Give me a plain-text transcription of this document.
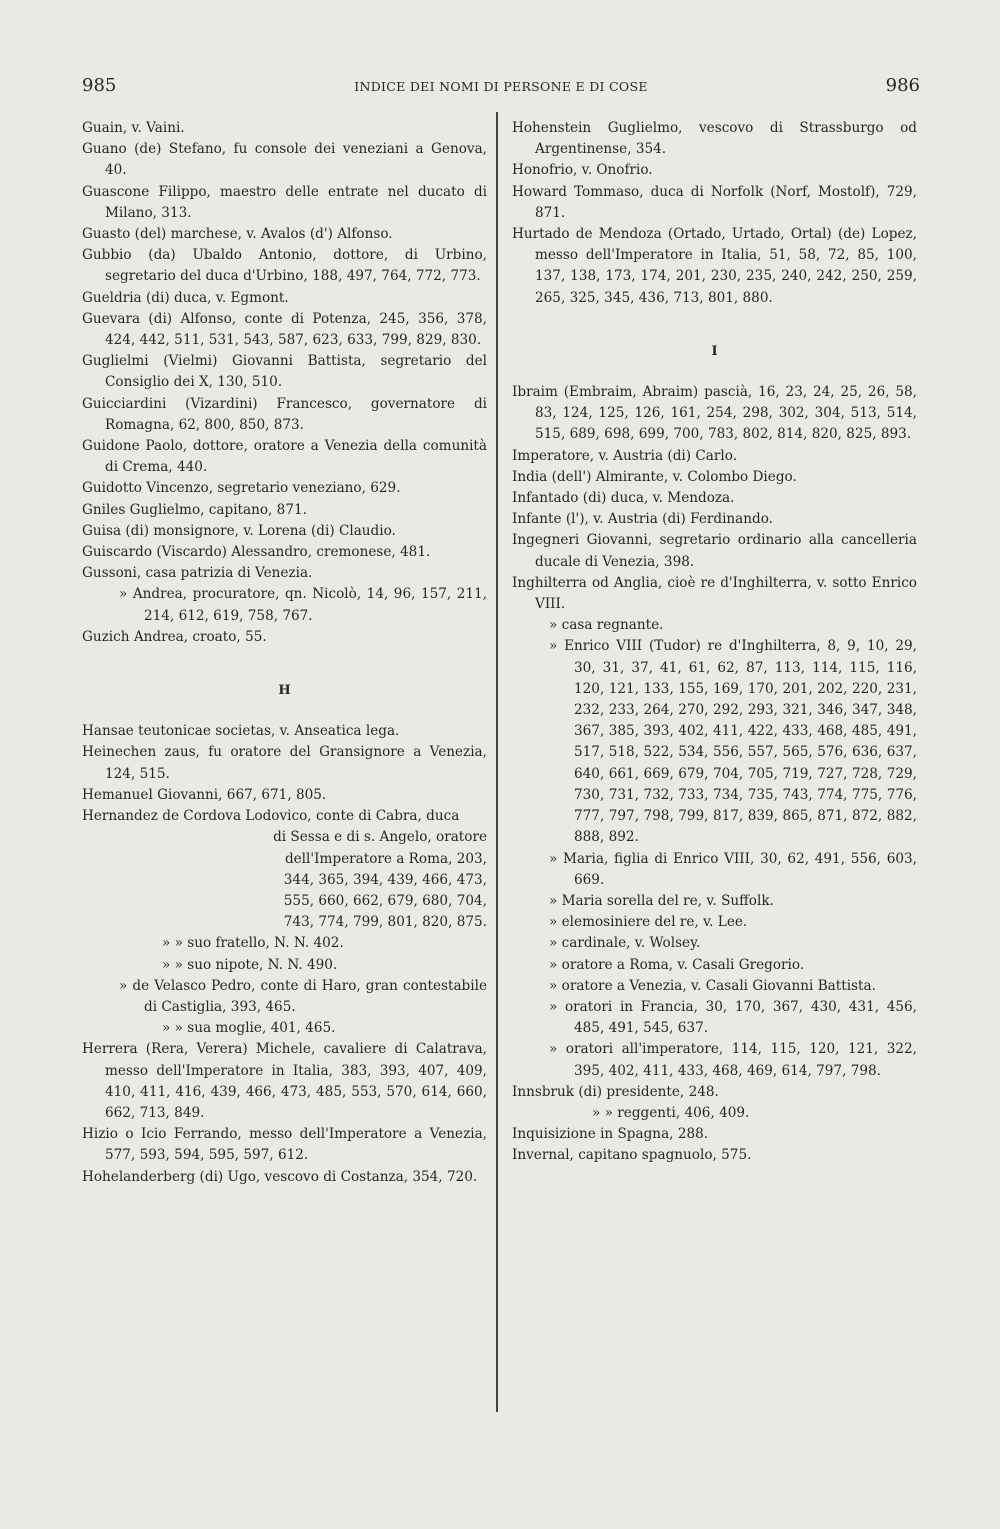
985	INDICE DEI NOMI DI PERSONE E DI COSE	986

Guain, v. Vaini.

Guano (de) Stefano, fu console dei veneziani a Genova, 40.

Guascone Filippo, maestro delle entrate nel ducato di Milano, 313.

Guasto (del) marchese, v. Avalos (d') Alfonso.

Gubbio (da) Ubaldo Antonio, dottore, di Urbino, segretario del duca d'Urbino, 188, 497, 764, 772, 773.

Gueldria (di) duca, v. Egmont.

Guevara (di) Alfonso, conte di Potenza, 245, 356, 378, 424, 442, 511, 531, 543, 587, 623, 633, 799, 829, 830.

Guglielmi (Vielmi) Giovanni Battista, segretario del Consiglio dei X, 130, 510.

Guicciardini (Vizardini) Francesco, governatore di Romagna, 62, 800, 850, 873.

Guidone Paolo, dottore, oratore a Venezia della comunità di Crema, 440.

Guidotto Vincenzo, segretario veneziano, 629.

Gniles Guglielmo, capitano, 871.

Guisa (di) monsignore, v. Lorena (di) Claudio.

Guiscardo (Viscardo) Alessandro, cremonese, 481.

Gussoni, casa patrizia di Venezia.

» Andrea, procuratore, qn. Nicolò, 14, 96, 157, 211, 214, 612, 619, 758, 767.

Guzich Andrea, croato, 55.

H

Hansae teutonicae societas, v. Anseatica lega.

Heinechen zaus, fu oratore del Gransignore a Venezia, 124, 515.

Hemanuel Giovanni, 667, 671, 805.

Hernandez de Cordova Lodovico, conte di Cabra, duca

di Sessa e di s. Angelo, oratore dell'Imperatore a Roma, 203, 344, 365, 394, 439, 466, 473, 555, 660, 662, 679, 680, 704, 743, 774, 799, 801, 820, 875.

» » suo fratello, N. N. 402.

» » suo nipote, N. N. 490.

» de Velasco Pedro, conte di Haro, gran contestabile di Castiglia, 393, 465.

» » sua moglie, 401, 465.

Herrera (Rera, Verera) Michele, cavaliere di Calatrava, messo dell'Imperatore in Italia, 383, 393, 407, 409, 410, 411, 416, 439, 466, 473, 485, 553, 570, 614, 660, 662, 713, 849.

Hizio o Icio Ferrando, messo dell'Imperatore a Venezia, 577, 593, 594, 595, 597, 612.

Hohelanderberg (di) Ugo, vescovo di Costanza, 354, 720.

Hohenstein Guglielmo, vescovo di Strassburgo od Argentinense, 354.

Honofrio, v. Onofrio.

Howard Tommaso, duca di Norfolk (Norf, Mostolf), 729, 871.

Hurtado de Mendoza (Ortado, Urtado, Ortal) (de) Lopez, messo dell'Imperatore in Italia, 51, 58, 72, 85, 100, 137, 138, 173, 174, 201, 230, 235, 240, 242, 250, 259, 265, 325, 345, 436, 713, 801, 880.

I

Ibraim (Embraim, Abraim) pascià, 16, 23, 24, 25, 26, 58, 83, 124, 125, 126, 161, 254, 298, 302, 304, 513, 514, 515, 689, 698, 699, 700, 783, 802, 814, 820, 825, 893.

Imperatore, v. Austria (di) Carlo.

India (dell') Almirante, v. Colombo Diego.

Infantado (di) duca, v. Mendoza.

Infante (l'), v. Austria (di) Ferdinando.

Ingegneri Giovanni, segretario ordinario alla cancelleria ducale di Venezia, 398.

Inghilterra od Anglia, cioè re d'Inghilterra, v. sotto Enrico VIII.

» casa regnante.

» Enrico VIII (Tudor) re d'Inghilterra, 8, 9, 10, 29, 30, 31, 37, 41, 61, 62, 87, 113, 114, 115, 116, 120, 121, 133, 155, 169, 170, 201, 202, 220, 231, 232, 233, 264, 270, 292, 293, 321, 346, 347, 348, 367, 385, 393, 402, 411, 422, 433, 468, 485, 491, 517, 518, 522, 534, 556, 557, 565, 576, 636, 637, 640, 661, 669, 679, 704, 705, 719, 727, 728, 729, 730, 731, 732, 733, 734, 735, 743, 774, 775, 776, 777, 797, 798, 799, 817, 839, 865, 871, 872, 882, 888, 892.

» Maria, figlia di Enrico VIII, 30, 62, 491, 556, 603, 669.

» Maria sorella del re, v. Suffolk.

» elemosiniere del re, v. Lee.

» cardinale, v. Wolsey.

» oratore a Roma, v. Casali Gregorio.

» oratore a Venezia, v. Casali Giovanni Battista.

» oratori in Francia, 30, 170, 367, 430, 431, 456, 485, 491, 545, 637.

» oratori all'imperatore, 114, 115, 120, 121, 322, 395, 402, 411, 433, 468, 469, 614, 797, 798.

Innsbruk (di) presidente, 248.

» » reggenti, 406, 409.

Inquisizione in Spagna, 288.

Invernal, capitano spagnuolo, 575.
